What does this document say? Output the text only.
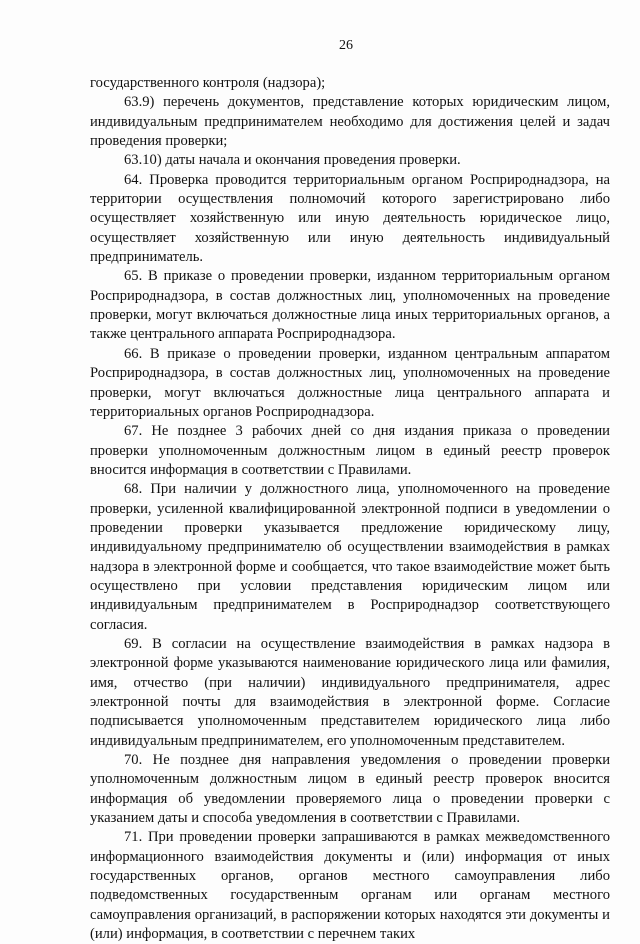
26

государственного контроля (надзора);

63.9) перечень документов, представление которых юридическим лицом, индивидуальным предпринимателем необходимо для достижения целей и задач проведения проверки;

63.10) даты начала и окончания проведения проверки.

64. Проверка проводится территориальным органом Росприроднадзора, на территории осуществления полномочий которого зарегистрировано либо осуществляет хозяйственную или иную деятельность юридическое лицо, осуществляет хозяйственную или иную деятельность индивидуальный предприниматель.

65. В приказе о проведении проверки, изданном территориальным органом Росприроднадзора, в состав должностных лиц, уполномоченных на проведение проверки, могут включаться должностные лица иных территориальных органов, а также центрального аппарата Росприроднадзора.

66. В приказе о проведении проверки, изданном центральным аппаратом Росприроднадзора, в состав должностных лиц, уполномоченных на проведение проверки, могут включаться должностные лица центрального аппарата и территориальных органов Росприроднадзора.

67. Не позднее 3 рабочих дней со дня издания приказа о проведении проверки уполномоченным должностным лицом в единый реестр проверок вносится информация в соответствии с Правилами.

68. При наличии у должностного лица, уполномоченного на проведение проверки, усиленной квалифицированной электронной подписи в уведомлении о проведении проверки указывается предложение юридическому лицу, индивидуальному предпринимателю об осуществлении взаимодействия в рамках надзора в электронной форме и сообщается, что такое взаимодействие может быть осуществлено при условии представления юридическим лицом или индивидуальным предпринимателем в Росприроднадзор соответствующего согласия.

69. В согласии на осуществление взаимодействия в рамках надзора в электронной форме указываются наименование юридического лица или фамилия, имя, отчество (при наличии) индивидуального предпринимателя, адрес электронной почты для взаимодействия в электронной форме. Согласие подписывается уполномоченным представителем юридического лица либо индивидуальным предпринимателем, его уполномоченным представителем.

70. Не позднее дня направления уведомления о проведении проверки уполномоченным должностным лицом в единый реестр проверок вносится информация об уведомлении проверяемого лица о проведении проверки с указанием даты и способа уведомления в соответствии с Правилами.

71. При проведении проверки запрашиваются в рамках межведомственного информационного взаимодействия документы и (или) информация от иных государственных органов, органов местного самоуправления либо подведомственных государственным органам или органам местного самоуправления организаций, в распоряжении которых находятся эти документы и (или) информация, в соответствии с перечнем таких
